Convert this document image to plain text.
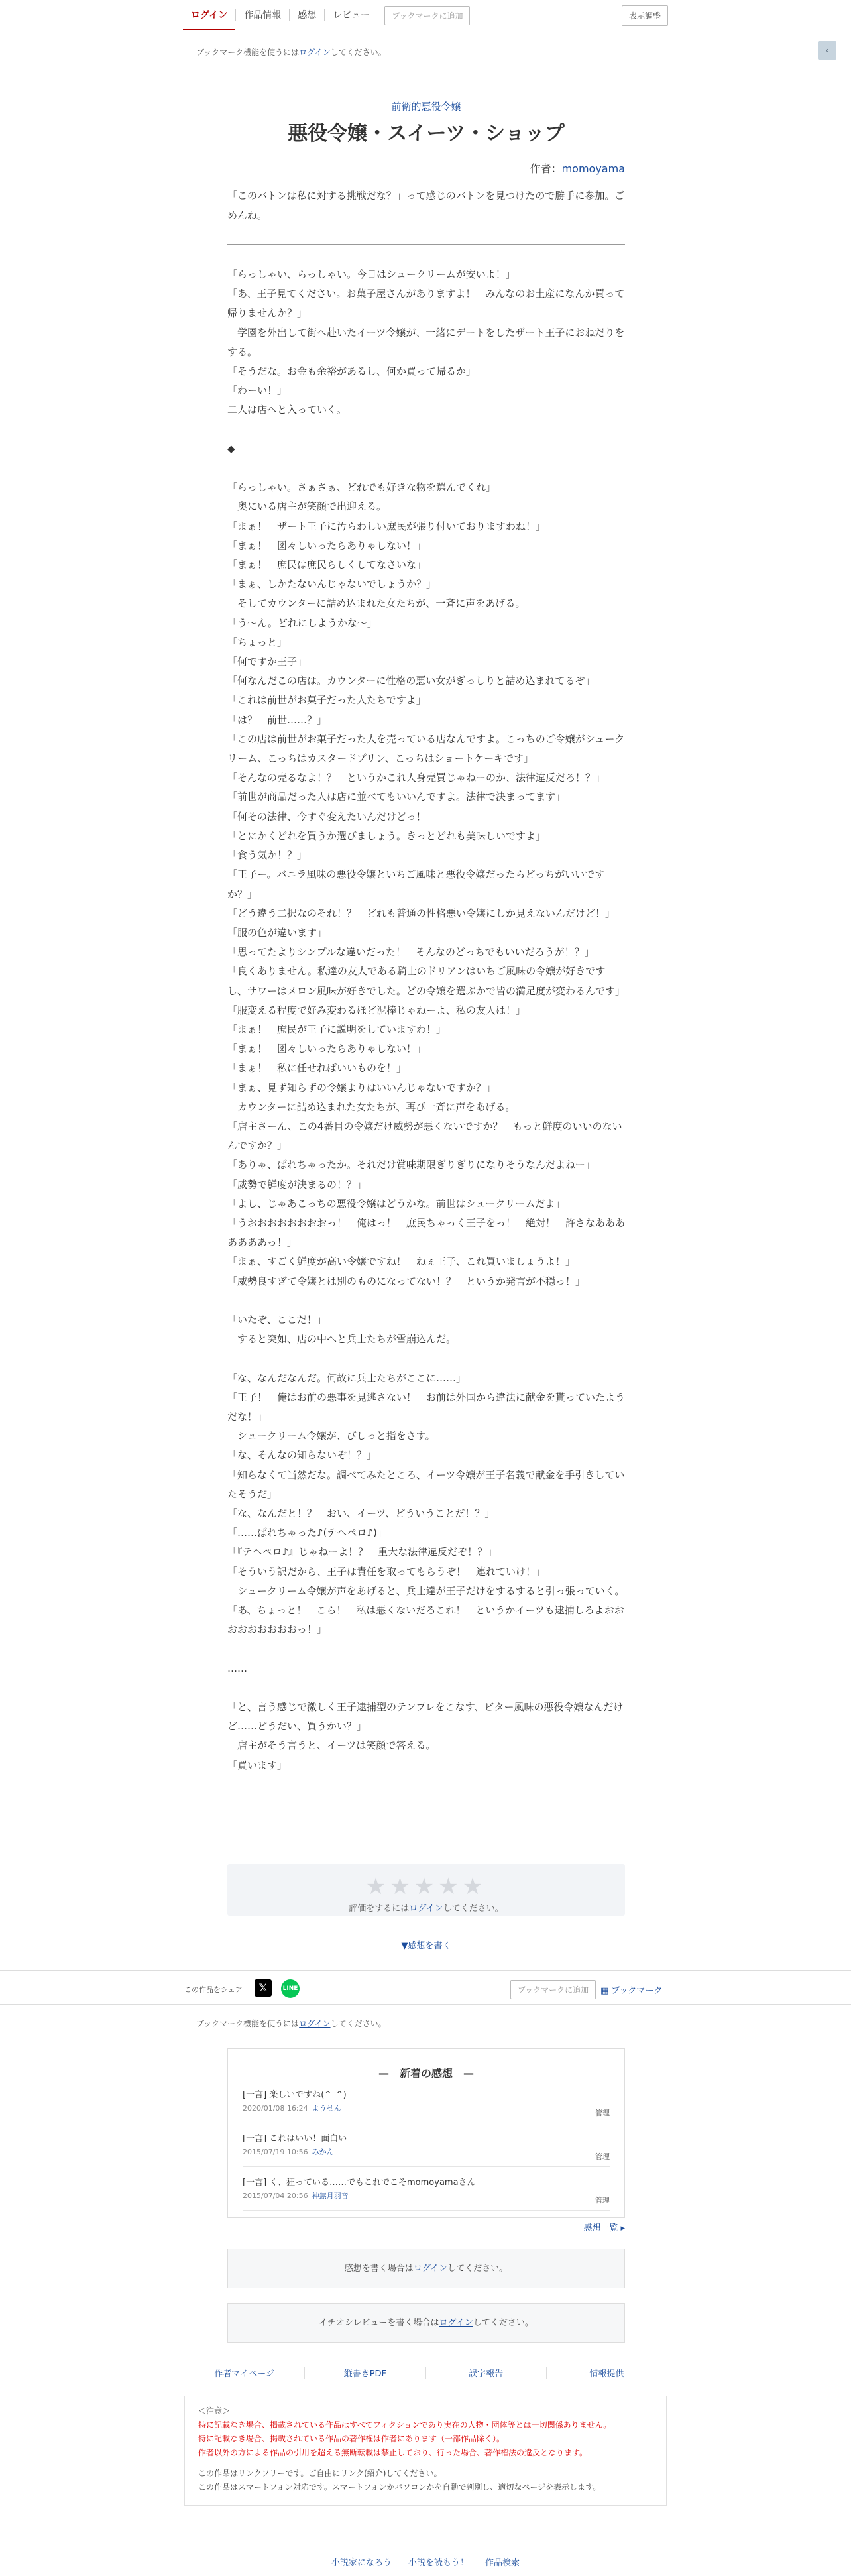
ログイン	作品情報	感想	レビュー	ブックマークに追加	表示調整
ブックマーク機能を使うにはログインしてください。	‹
前衛的悪役令嬢
悪役令嬢・スイーツ・ショップ
作者：momoyama
「このバトンは私に対する挑戦だな？」って感じのバトンを見つけたので勝手に参加。ごめんね。
「らっしゃい、らっしゃい。今日はシュークリームが安いよ！」
「あ、王子見てください。お菓子屋さんがありますよ！　みんなのお土産になんか買って帰りませんか？」
　学園を外出して街へ赴いたイーツ令嬢が、一緒にデートをしたザート王子におねだりをする。
「そうだな。お金も余裕があるし、何か買って帰るか」
「わーい！」
二人は店へと入っていく。

◆

「らっしゃい。さぁさぁ、どれでも好きな物を選んでくれ」
　奥にいる店主が笑顔で出迎える。
「まぁ！　ザート王子に汚らわしい庶民が張り付いておりますわね！」
「まぁ！　図々しいったらありゃしない！」
「まぁ！　庶民は庶民らしくしてなさいな」
「まぁ、しかたないんじゃないでしょうか？」
　そしてカウンターに詰め込まれた女たちが、一斉に声をあげる。
「う～ん。どれにしようかな～」
「ちょっと」
「何ですか王子」
「何なんだこの店は。カウンターに性格の悪い女がぎっしりと詰め込まれてるぞ」
「これは前世がお菓子だった人たちですよ」
「は？　前世……？」
「この店は前世がお菓子だった人を売っている店なんですよ。こっちのご令嬢がシュークリーム、こっちはカスタードプリン、こっちはショートケーキです」
「そんなの売るなよ！？　というかこれ人身売買じゃねーのか、法律違反だろ！？」
「前世が商品だった人は店に並べてもいいんですよ。法律で決まってます」
「何その法律、今すぐ変えたいんだけどっ！」
「とにかくどれを買うか選びましょう。きっとどれも美味しいですよ」
「食う気か！？」
「王子ー。バニラ風味の悪役令嬢といちご風味と悪役令嬢だったらどっちがいいですか？」
「どう違う二択なのそれ！？　どれも普通の性格悪い令嬢にしか見えないんだけど！」
「服の色が違います」
「思ってたよりシンプルな違いだった！　そんなのどっちでもいいだろうが！？」
「良くありません。私達の友人である騎士のドリアンはいちご風味の令嬢が好きですし、サワーはメロン風味が好きでした。どの令嬢を選ぶかで皆の満足度が変わるんです」
「服変える程度で好み変わるほど泥棒じゃねーよ、私の友人は！」
「まぁ！　庶民が王子に説明をしていますわ！」
「まぁ！　図々しいったらありゃしない！」
「まぁ！　私に任せればいいものを！」
「まぁ、見ず知らずの令嬢よりはいいんじゃないですか？」
　カウンターに詰め込まれた女たちが、再び一斉に声をあげる。
「店主さーん、この4番目の令嬢だけ威勢が悪くないですか？　もっと鮮度のいいのないんですか？」
「ありゃ、ばれちゃったか。それだけ賞味期限ぎりぎりになりそうなんだよねー」
「威勢で鮮度が決まるの！？」
「よし、じゃあこっちの悪役令嬢はどうかな。前世はシュークリームだよ」
「うおおおおおおおおっ！　俺はっ！　庶民ちゃっく王子をっ！　絶対！　許さなあああああああっ！」
「まぁ、すごく鮮度が高い令嬢ですね！　ねぇ王子、これ買いましょうよ！」
「威勢良すぎて令嬢とは別のものになってない！？　というか発言が不穏っ！」

「いたぞ、ここだ！」
　すると突如、店の中へと兵士たちが雪崩込んだ。

「な、なんだなんだ。何故に兵士たちがここに……」
「王子！　俺はお前の悪事を見逃さない！　お前は外国から違法に献金を貰っていたようだな！」
　シュークリーム令嬢が、びしっと指をさす。
「な、そんなの知らないぞ！？」
「知らなくて当然だな。調べてみたところ、イーツ令嬢が王子名義で献金を手引きしていたそうだ」
「な、なんだと！？　おい、イーツ、どういうことだ！？」
「……ばれちゃった♪(テヘペロ♪)」
「『テヘペロ♪』じゃねーよ！？　重大な法律違反だぞ！？」
「そういう訳だから、王子は責任を取ってもらうぞ！　連れていけ！」
　シュークリーム令嬢が声をあげると、兵士達が王子だけをするすると引っ張っていく。
「あ、ちょっと！　こら！　私は悪くないだろこれ！　というかイーツも逮捕しろよおおおおおおおおおっ！」

……

「と、言う感じで激しく王子逮捕型のテンプレをこなす、ビター風味の悪役令嬢なんだけど……どうだい、買うかい？」
　店主がそう言うと、イーツは笑顔で答える。
「買います」
★★★★★
評価をするにはログインしてください。
▼感想を書く
この作品をシェア	𝕏	LINE	ブックマークに追加	▦ ブックマーク
ブックマーク機能を使うにはログインしてください。
—　新着の感想　—
[一言] 楽しいですね(^_^)
2020/01/08 16:24 ようせん
管理
[一言] これはいい！面白い
2015/07/19 10:56 みかん
管理
[一言] く、狂っている……でもこれでこそmomoyamaさん
2015/07/04 20:56 神無月羽音
管理
感想一覧 ▸
感想を書く場合はログインしてください。
イチオシレビューを書く場合はログインしてください。
作者マイページ	縦書きPDF	誤字報告	情報提供
＜注意＞
特に記載なき場合、掲載されている作品はすべてフィクションであり実在の人物・団体等とは一切関係ありません。
特に記載なき場合、掲載されている作品の著作権は作者にあります（一部作品除く）。
作者以外の方による作品の引用を超える無断転載は禁止しており、行った場合、著作権法の違反となります。
この作品はリンクフリーです。ご自由にリンク(紹介)してください。
この作品はスマートフォン対応です。スマートフォンかパソコンかを自動で判別し、適切なページを表示します。
小説家になろう	小説を読もう！	作品検索
